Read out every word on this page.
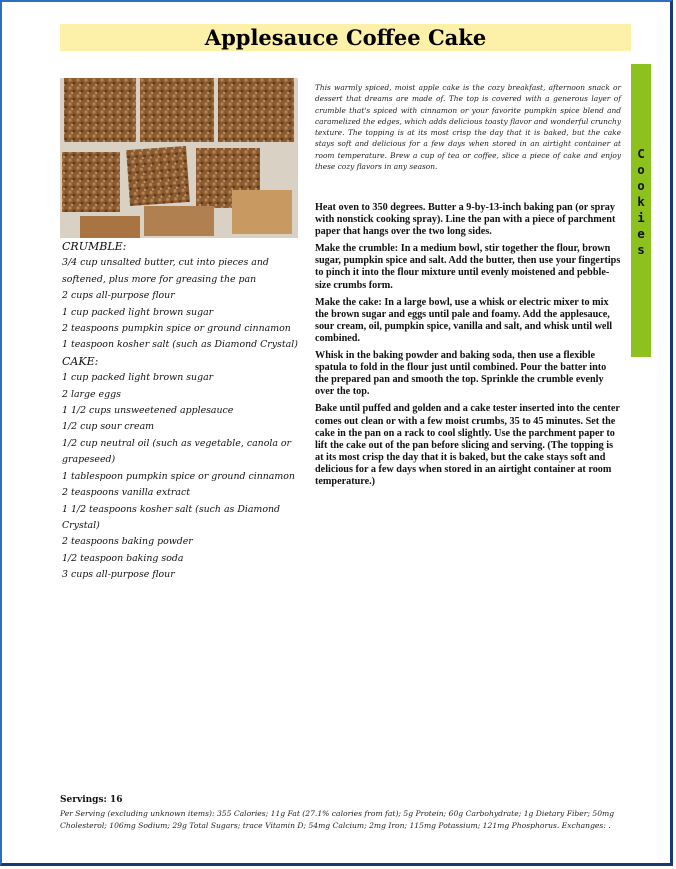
Applesauce Coffee Cake
CRUMBLE:
3/4 cup unsalted butter, cut into pieces and softened, plus more for greasing the pan
2 cups all-purpose flour
1 cup packed light brown sugar
2 teaspoons pumpkin spice or ground cinnamon
1 teaspoon kosher salt (such as Diamond Crystal)
CAKE:
1 cup packed light brown sugar
2 large eggs
1 1/2 cups unsweetened applesauce
1/2 cup sour cream
1/2 cup neutral oil (such as vegetable, canola or grapeseed)
1 tablespoon pumpkin spice or ground cinnamon
2 teaspoons vanilla extract
1 1/2 teaspoons kosher salt (such as Diamond Crystal)
2 teaspoons baking powder
1/2 teaspoon baking soda
3 cups all-purpose flour
This warmly spiced, moist apple cake is the cozy breakfast, afternoon snack or dessert that dreams are made of. The top is covered with a generous layer of crumble that's spiced with cinnamon or your favorite pumpkin spice blend and caramelized the edges, which adds delicious toasty flavor and wonderful crunchy texture. The topping is at its most crisp the day that it is baked, but the cake stays soft and delicious for a few days when stored in an airtight container at room temperature. Brew a cup of tea or coffee, slice a piece of cake and enjoy these cozy flavors in any season.

Heat oven to 350 degrees. Butter a 9-by-13-inch baking pan (or spray with nonstick cooking spray). Line the pan with a piece of parchment paper that hangs over the two long sides.

Make the crumble: In a medium bowl, stir together the flour, brown sugar, pumpkin spice and salt. Add the butter, then use your fingertips to pinch it into the flour mixture until evenly moistened and pebble-size crumbs form.

Make the cake: In a large bowl, use a whisk or electric mixer to mix the brown sugar and eggs until pale and foamy. Add the applesauce, sour cream, oil, pumpkin spice, vanilla and salt, and whisk until well combined.

Whisk in the baking powder and baking soda, then use a flexible spatula to fold in the flour just until combined. Pour the batter into the prepared pan and smooth the top. Sprinkle the crumble evenly over the top.

Bake until puffed and golden and a cake tester inserted into the center comes out clean or with a few moist crumbs, 35 to 45 minutes. Set the cake in the pan on a rack to cool slightly. Use the parchment paper to lift the cake out of the pan before slicing and serving. (The topping is at its most crisp the day that it is baked, but the cake stays soft and delicious for a few days when stored in an airtight container at room temperature.)

C
o
o
k
i
e
s
Servings: 16
Per Serving (excluding unknown items): 355 Calories; 11g Fat (27.1% calories from fat); 5g Protein; 60g Carbohydrate; 1g Dietary Fiber; 50mg Cholesterol; 106mg Sodium; 29g Total Sugars; trace Vitamin D; 54mg Calcium; 2mg Iron; 115mg Potassium; 121mg Phosphorus. Exchanges: .
